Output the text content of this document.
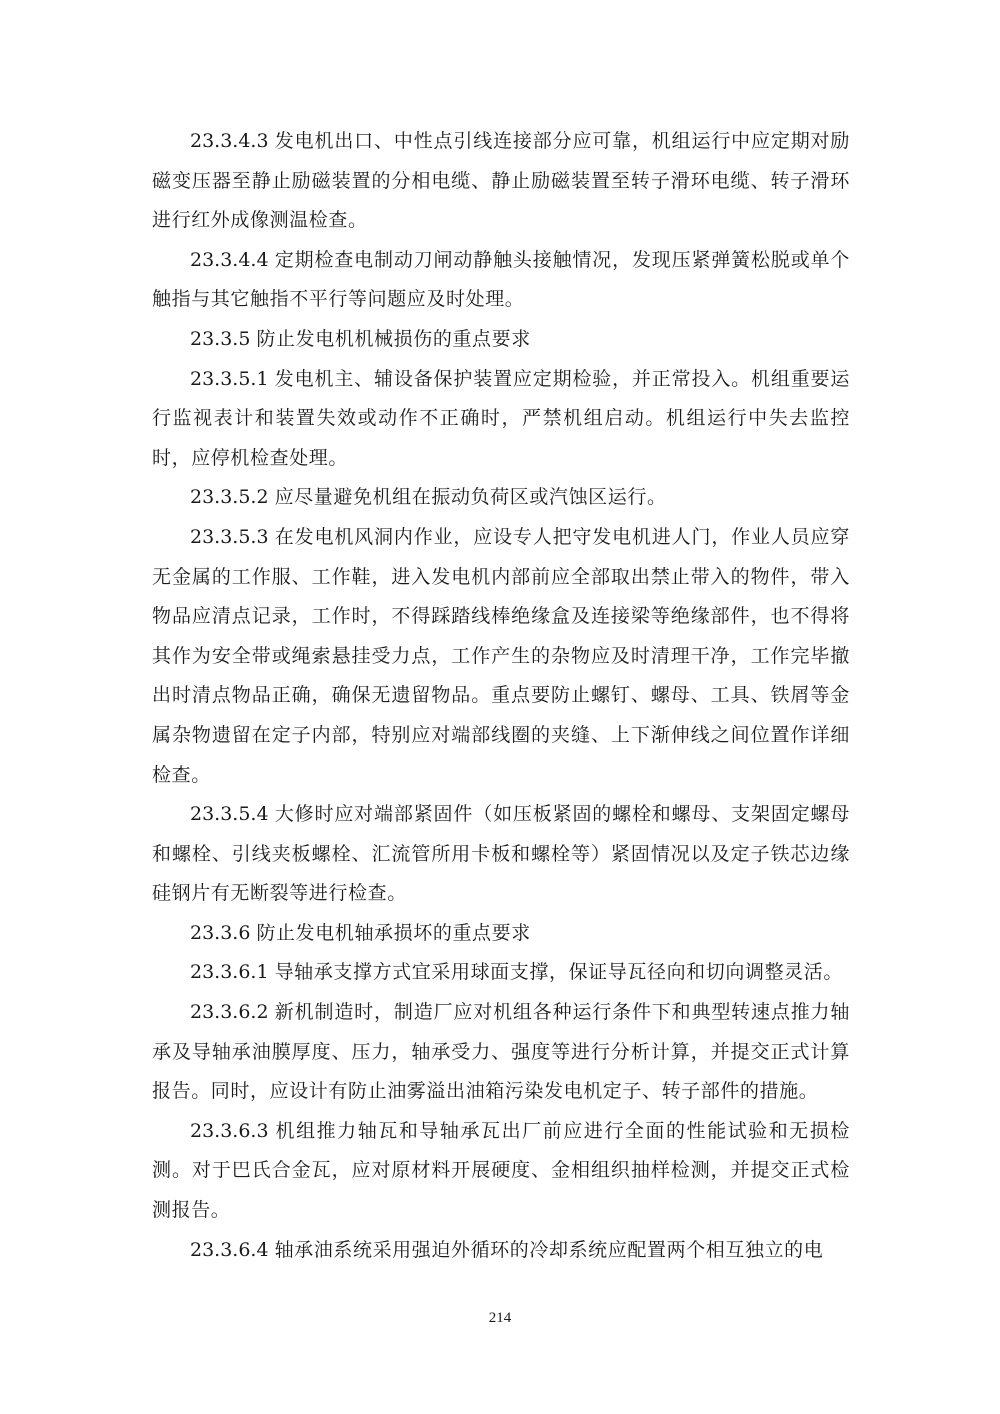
23.3.4.3 发电机出口、中性点引线连接部分应可靠，机组运行中应定期对励磁变压器至静止励磁装置的分相电缆、静止励磁装置至转子滑环电缆、转子滑环进行红外成像测温检查。

23.3.4.4 定期检查电制动刀闸动静触头接触情况，发现压紧弹簧松脱或单个触指与其它触指不平行等问题应及时处理。

23.3.5 防止发电机机械损伤的重点要求

23.3.5.1 发电机主、辅设备保护装置应定期检验，并正常投入。机组重要运行监视表计和装置失效或动作不正确时，严禁机组启动。机组运行中失去监控时，应停机检查处理。

23.3.5.2 应尽量避免机组在振动负荷区或汽蚀区运行。

23.3.5.3 在发电机风洞内作业，应设专人把守发电机进人门，作业人员应穿无金属的工作服、工作鞋，进入发电机内部前应全部取出禁止带入的物件，带入物品应清点记录，工作时，不得踩踏线棒绝缘盒及连接梁等绝缘部件，也不得将其作为安全带或绳索悬挂受力点，工作产生的杂物应及时清理干净，工作完毕撤出时清点物品正确，确保无遗留物品。重点要防止螺钉、螺母、工具、铁屑等金属杂物遗留在定子内部，特别应对端部线圈的夹缝、上下渐伸线之间位置作详细检查。

23.3.5.4 大修时应对端部紧固件（如压板紧固的螺栓和螺母、支架固定螺母和螺栓、引线夹板螺栓、汇流管所用卡板和螺栓等）紧固情况以及定子铁芯边缘硅钢片有无断裂等进行检查。

23.3.6 防止发电机轴承损坏的重点要求

23.3.6.1 导轴承支撑方式宜采用球面支撑，保证导瓦径向和切向调整灵活。

23.3.6.2 新机制造时，制造厂应对机组各种运行条件下和典型转速点推力轴承及导轴承油膜厚度、压力，轴承受力、强度等进行分析计算，并提交正式计算报告。同时，应设计有防止油雾溢出油箱污染发电机定子、转子部件的措施。

23.3.6.3 机组推力轴瓦和导轴承瓦出厂前应进行全面的性能试验和无损检测。对于巴氏合金瓦，应对原材料开展硬度、金相组织抽样检测，并提交正式检测报告。

23.3.6.4 轴承油系统采用强迫外循环的冷却系统应配置两个相互独立的电

214
